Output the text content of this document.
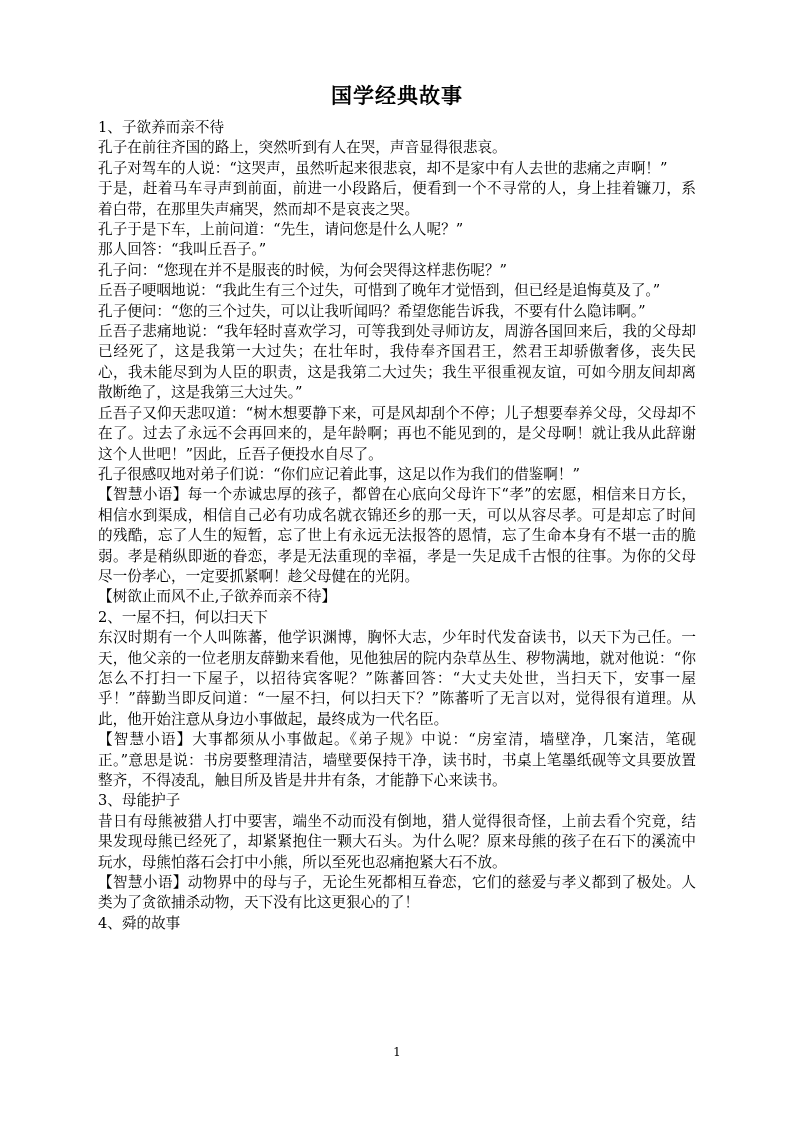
国学经典故事

1、子欲养而亲不待

孔子在前往齐国的路上，突然听到有人在哭，声音显得很悲哀。

孔子对驾车的人说：“这哭声，虽然听起来很悲哀，却不是家中有人去世的悲痛之声啊！”

于是，赶着马车寻声到前面，前进一小段路后，便看到一个不寻常的人，身上挂着镰刀，系着白带，在那里失声痛哭，然而却不是哀丧之哭。

孔子于是下车，上前问道：“先生，请问您是什么人呢？”

那人回答：“我叫丘吾子。”

孔子问：“您现在并不是服丧的时候，为何会哭得这样悲伤呢？”

丘吾子哽咽地说：“我此生有三个过失，可惜到了晚年才觉悟到，但已经是追悔莫及了。”

孔子便问：“您的三个过失，可以让我听闻吗？希望您能告诉我，不要有什么隐讳啊。”

丘吾子悲痛地说：“我年轻时喜欢学习，可等我到处寻师访友，周游各国回来后，我的父母却已经死了，这是我第一大过失；在壮年时，我侍奉齐国君王，然君王却骄傲奢侈，丧失民心，我未能尽到为人臣的职责，这是我第二大过失；我生平很重视友谊，可如今朋友间却离散断绝了，这是我第三大过失。”

丘吾子又仰天悲叹道：“树木想要静下来，可是风却刮个不停；儿子想要奉养父母，父母却不在了。过去了永远不会再回来的，是年龄啊；再也不能见到的，是父母啊！就让我从此辞谢这个人世吧！”因此，丘吾子便投水自尽了。

孔子很感叹地对弟子们说：“你们应记着此事，这足以作为我们的借鉴啊！”

【智慧小语】每一个赤诚忠厚的孩子，都曾在心底向父母许下“孝”的宏愿，相信来日方长，相信水到渠成，相信自己必有功成名就衣锦还乡的那一天，可以从容尽孝。可是却忘了时间的残酷，忘了人生的短暂，忘了世上有永远无法报答的恩情，忘了生命本身有不堪一击的脆弱。孝是稍纵即逝的眷恋，孝是无法重现的幸福，孝是一失足成千古恨的往事。为你的父母尽一份孝心，一定要抓紧啊！趁父母健在的光阴。

【树欲止而风不止,子欲养而亲不待】

2、一屋不扫，何以扫天下

东汉时期有一个人叫陈蕃，他学识渊博，胸怀大志，少年时代发奋读书，以天下为己任。一天，他父亲的一位老朋友薛勤来看他，见他独居的院内杂草丛生、秽物满地，就对他说：“你怎么不打扫一下屋子，以招待宾客呢？”陈蕃回答：“大丈夫处世，当扫天下，安事一屋乎！”薛勤当即反问道：“一屋不扫，何以扫天下？”陈蕃听了无言以对，觉得很有道理。从此，他开始注意从身边小事做起，最终成为一代名臣。

【智慧小语】大事都须从小事做起。《弟子规》中说：“房室清，墙壁净，几案洁，笔砚正。”意思是说：书房要整理清洁，墙壁要保持干净，读书时，书桌上笔墨纸砚等文具要放置整齐，不得凌乱，触目所及皆是井井有条，才能静下心来读书。

3、母能护子

昔日有母熊被猎人打中要害，端坐不动而没有倒地，猎人觉得很奇怪，上前去看个究竟，结果发现母熊已经死了，却紧紧抱住一颗大石头。为什么呢？原来母熊的孩子在石下的溪流中玩水，母熊怕落石会打中小熊，所以至死也忍痛抱紧大石不放。

【智慧小语】动物界中的母与子，无论生死都相互眷恋，它们的慈爱与孝义都到了极处。人类为了贪欲捕杀动物，天下没有比这更狠心的了！

4、舜的故事

1
